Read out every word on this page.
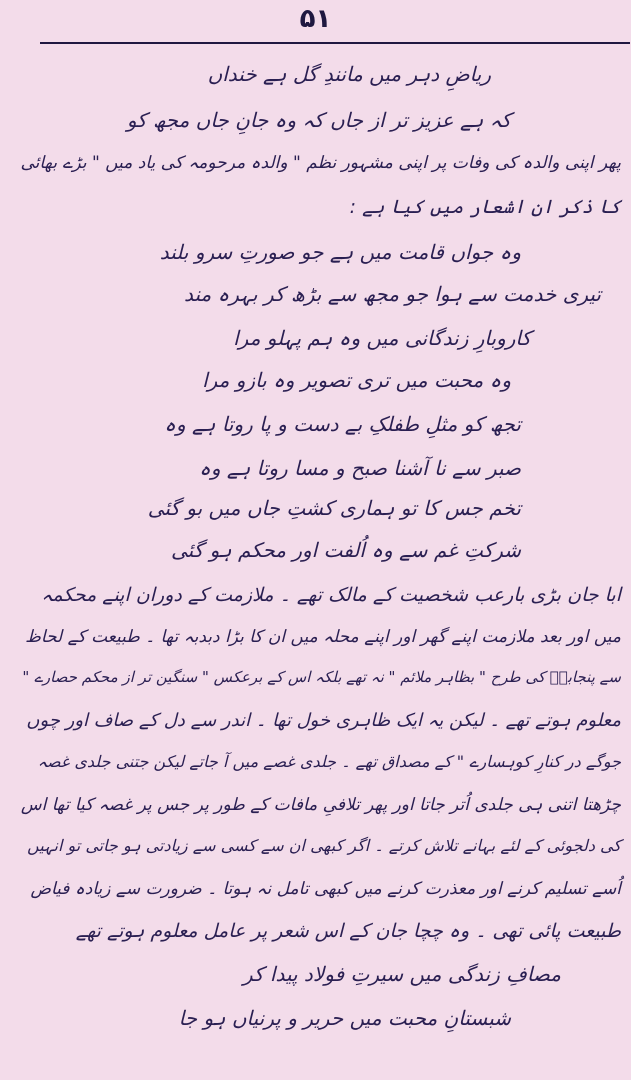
۵۱
ریاضِ دہر میں مانندِ گل ہے خنداں
کہ ہے عزیز تر از جاں کہ وہ جانِ جاں مجھ کو
پھر اپنی والدہ کی وفات پر اپنی مشہور نظم " والدہ مرحومہ کی یاد میں " بڑے بھائی
کا ذکر ان اشعار میں کیا ہے :
وہ جواں قامت میں ہے جو صورتِ سرو بلند
تیری خدمت سے ہوا جو مجھ سے بڑھ کر بہرہ مند
کاروبارِ زندگانی میں وہ ہم پہلو مرا
وہ محبت میں تری تصویر وہ بازو مرا
تجھ کو مثلِ طفلکِ بے دست و پا روتا ہے وہ
صبر سے نا آشنا صبح و مسا روتا ہے وہ
تخم جس کا تو ہماری کشتِ جاں میں بو گئی
شرکتِ غم سے وہ اُلفت اور محکم ہو گئی
ابا جان بڑی بارعب شخصیت کے مالک تھے ۔ ملازمت کے دوران اپنے محکمہ
میں اور بعد ملازمت اپنے گھر اور اپنے محلہ میں ان کا بڑا دبدبہ تھا ۔ طبیعت کے لحاظ
سے پنجابیؒ کی طرح " بظاہر ملائم " نہ تھے بلکہ اس کے برعکس " سنگین تر از محکم حصارے "
معلوم ہوتے تھے ۔ لیکن یہ ایک ظاہری خول تھا ۔ اندر سے دل کے صاف اور چوں
جوگے در کنارِ کوہسارے " کے مصداق تھے ۔ جلدی غصے میں آ جاتے لیکن جتنی جلدی غصہ
چڑھتا اتنی ہی جلدی اُتر جاتا اور پھر تلافیِ مافات کے طور پر جس پر غصہ کیا تھا اس
کی دلجوئی کے لئے بہانے تلاش کرتے ۔ اگر کبھی ان سے کسی سے زیادتی ہو جاتی تو انہیں
اُسے تسلیم کرنے اور معذرت کرنے میں کبھی تامل نہ ہوتا ۔ ضرورت سے زیادہ فیاض
طبیعت پائی تھی ۔ وہ چچا جان کے اس شعر پر عامل معلوم ہوتے تھے
مصافِ زندگی میں سیرتِ فولاد پیدا کر
شبستانِ محبت میں حریر و پرنیاں ہو جا
